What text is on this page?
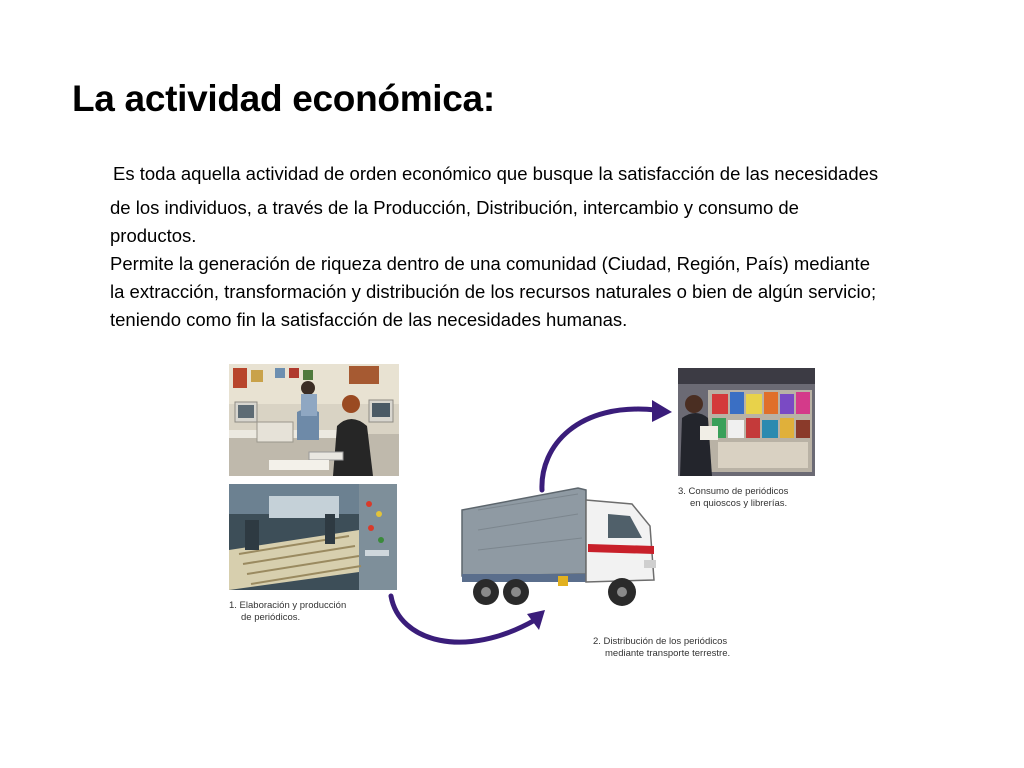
La actividad económica:

Es toda aquella actividad de orden económico que busque la satisfacción de las necesidades

de los individuos, a través de la Producción, Distribución, intercambio y consumo de

productos.

Permite la generación de riqueza dentro de una comunidad (Ciudad, Región, País) mediante

la extracción, transformación y distribución de los recursos naturales o bien de algún servicio;

teniendo como fin la satisfacción de las necesidades humanas.

1. Elaboración y producción
de periódicos.
2. Distribución de los periódicos
mediante transporte terrestre.
3. Consumo de periódicos
en quioscos y librerías.
